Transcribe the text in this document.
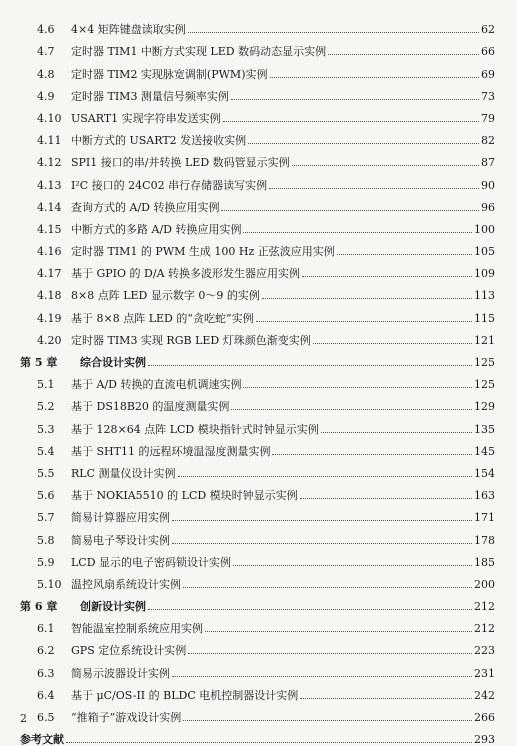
4.6	4×4 矩阵键盘读取实例	62
4.7	定时器 TIM1 中断方式实现 LED 数码动态显示实例	66
4.8	定时器 TIM2 实现脉宽调制(PWM)实例	69
4.9	定时器 TIM3 测量信号频率实例	73
4.10 USART1 实现字符串发送实例	79
4.11 中断方式的 USART2 发送接收实例	82
4.12 SPI1 接口的串/并转换 LED 数码管显示实例	87
4.13 I²C 接口的 24C02 串行存储器读写实例	90
4.14 查询方式的 A/D 转换应用实例	96
4.15 中断方式的多路 A/D 转换应用实例	100
4.16 定时器 TIM1 的 PWM 生成 100 Hz 正弦波应用实例	105
4.17 基于 GPIO 的 D/A 转换多波形发生器应用实例	109
4.18 8×8 点阵 LED 显示数字 0～9 的实例	113
4.19 基于 8×8 点阵 LED 的“贪吃蛇”实例	115
4.20 定时器 TIM3 实现 RGB LED 灯珠颜色渐变实例	121
第 5 章	综合设计实例	125
5.1	基于 A/D 转换的直流电机调速实例	125
5.2	基于 DS18B20 的温度测量实例	129
5.3	基于 128×64 点阵 LCD 模块指针式时钟显示实例	135
5.4	基于 SHT11 的远程环境温湿度测量实例	145
5.5	RLC 测量仪设计实例	154
5.6	基于 NOKIA5510 的 LCD 模块时钟显示实例	163
5.7	简易计算器应用实例	171
5.8	简易电子琴设计实例	178
5.9	LCD 显示的电子密码锁设计实例	185
5.10 温控风扇系统设计实例	200
第 6 章	创新设计实例	212
6.1	智能温室控制系统应用实例	212
6.2	GPS 定位系统设计实例	223
6.3	简易示波器设计实例	231
6.4	基于 μC/OS-II 的 BLDC 电机控制器设计实例	242
6.5	“推箱子”游戏设计实例	266
参考文献	293
2
